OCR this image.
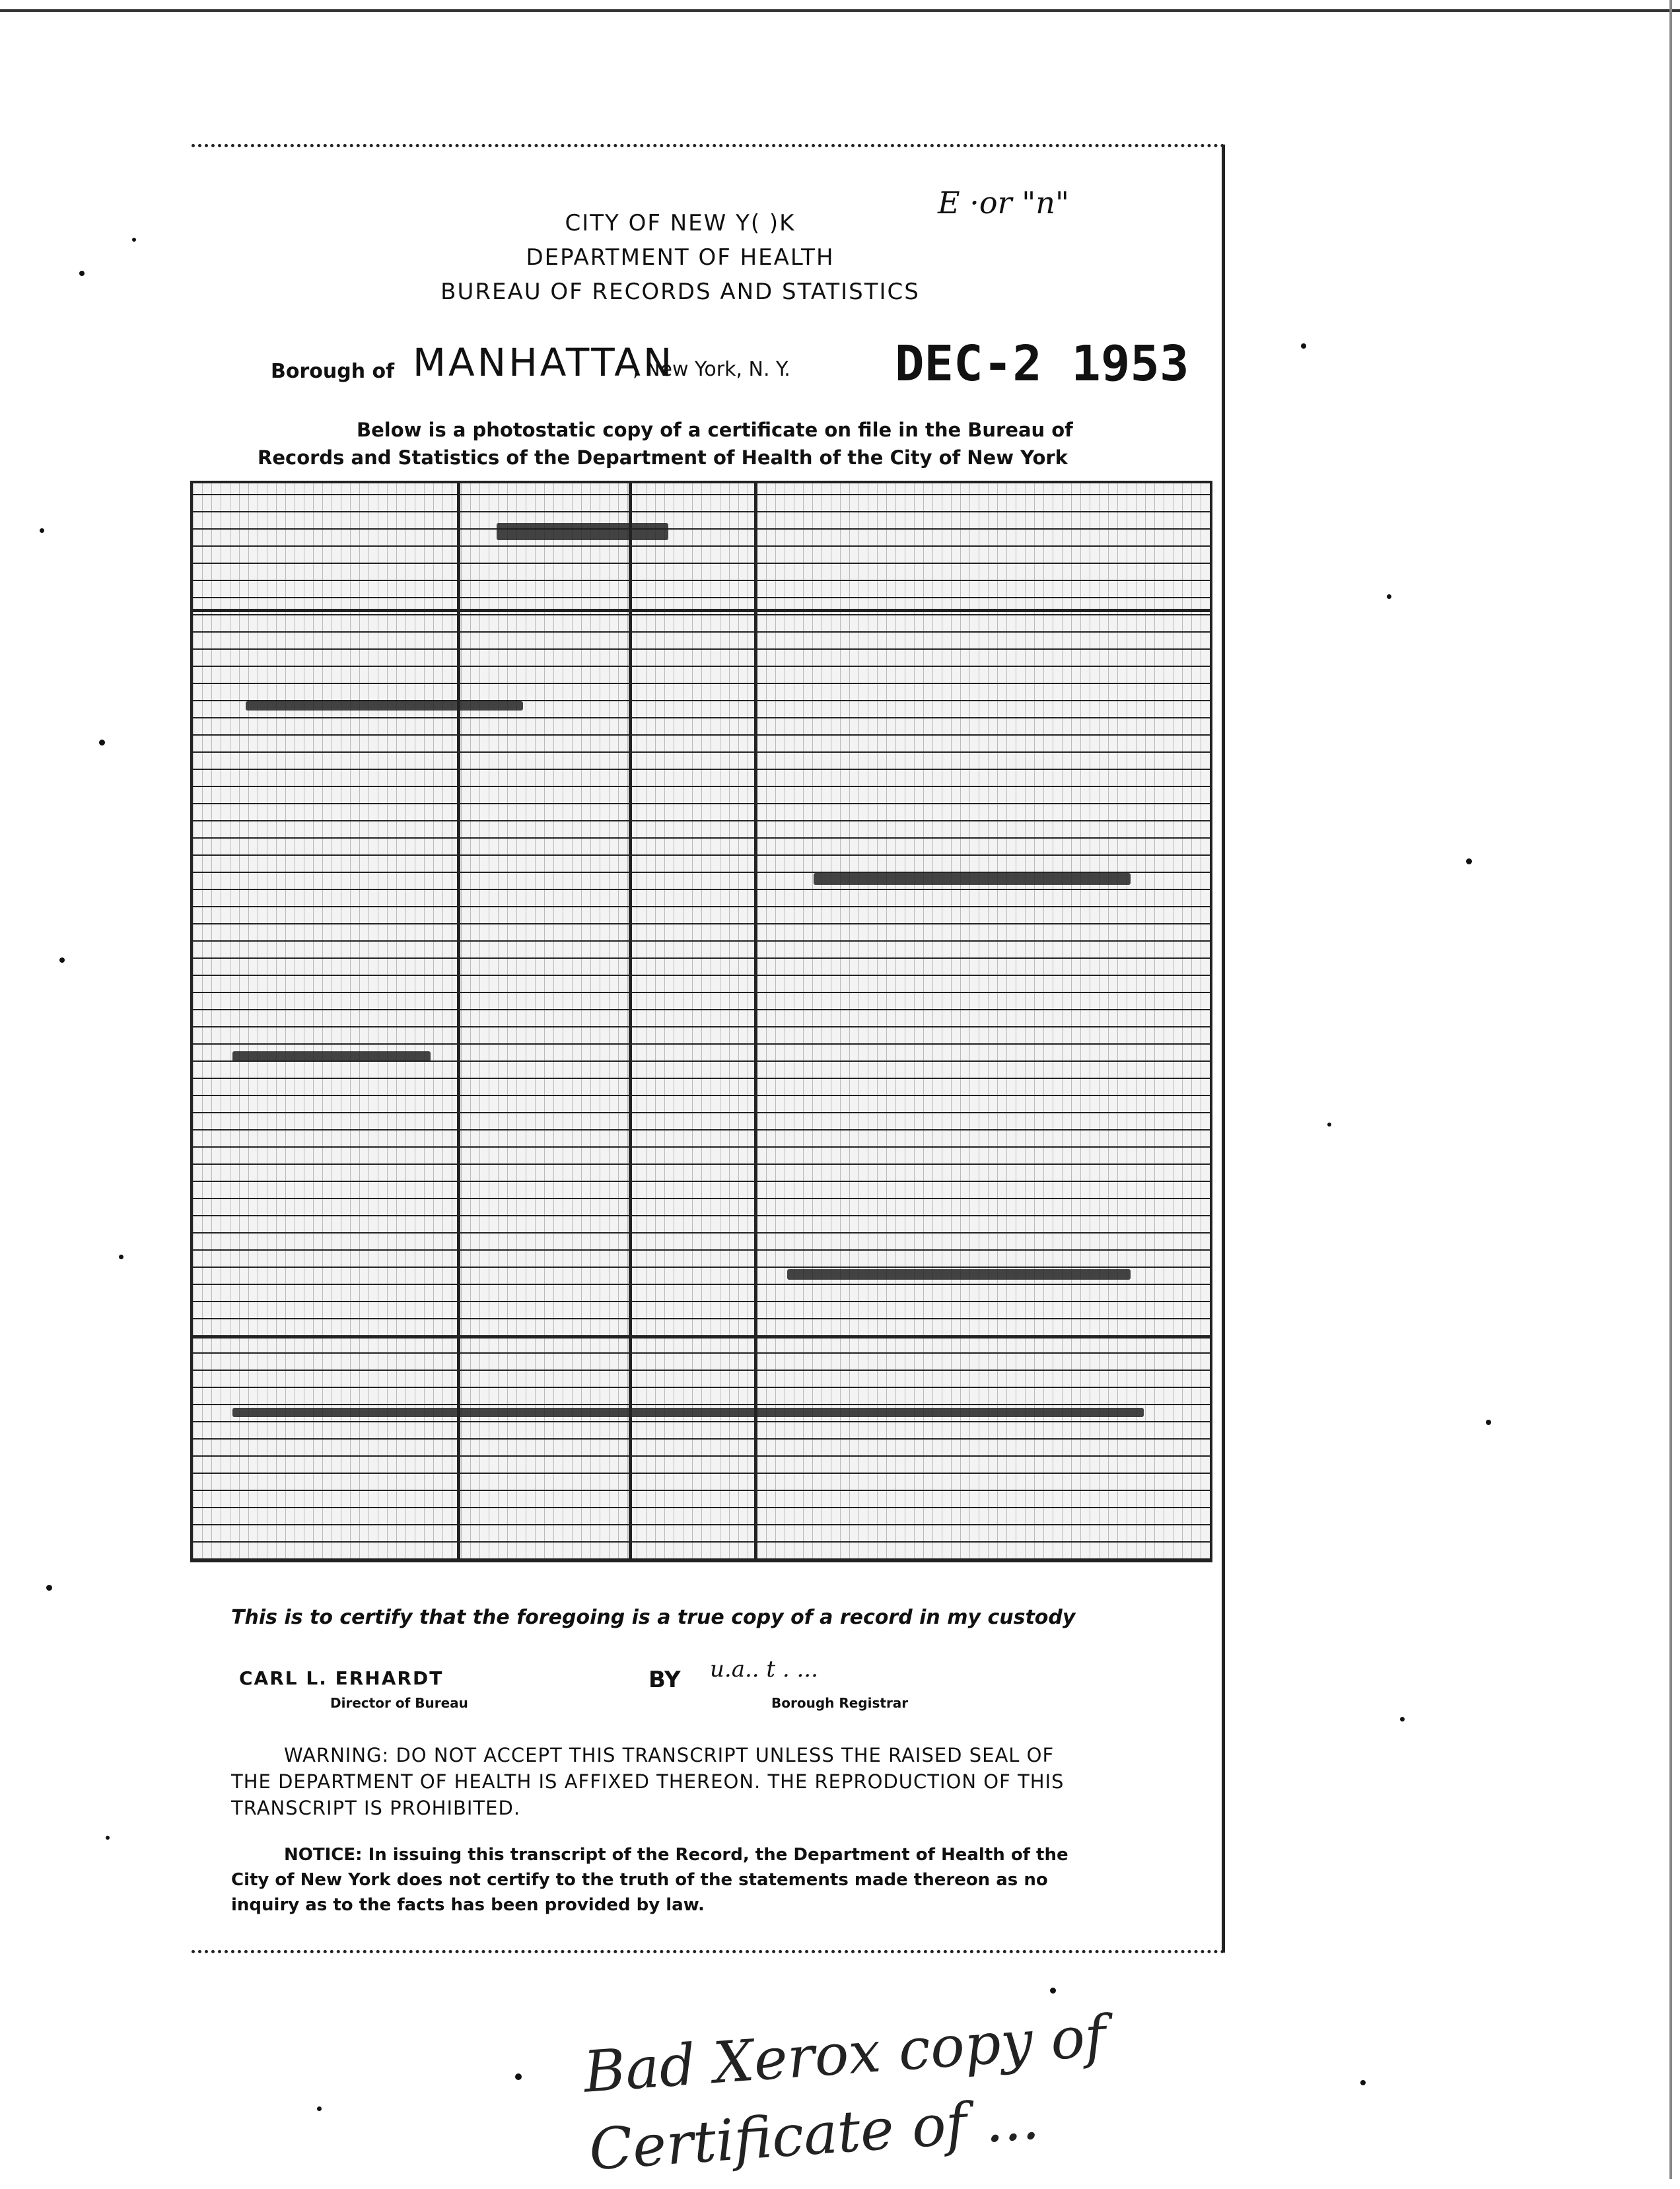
CITY OF NEW Y( )K
DEPARTMENT OF HEALTH
BUREAU OF RECORDS AND STATISTICS
E ·or "n"
Borough of MANHATTAN
, New York, N. Y. DEC-2 1953
Below is a photostatic copy of a certificate on file in the Bureau of Records and Statistics of the Department of Health of the City of New York
This is to certify that the foregoing is a true copy of a record in my custody
CARL L. ERHARDT
Director of Bureau
BY u.a.. t . ...
Borough Registrar
WARNING: DO NOT ACCEPT THIS TRANSCRIPT UNLESS THE RAISED SEAL OF THE DEPARTMENT OF HEALTH IS AFFIXED THEREON. THE REPRODUCTION OF THIS TRANSCRIPT IS PROHIBITED.
NOTICE: In issuing this transcript of the Record, the Department of Health of the City of New York does not certify to the truth of the statements made thereon as no inquiry as to the facts has been provided by law.
Bad Xerox copy of
Certificate of ...
